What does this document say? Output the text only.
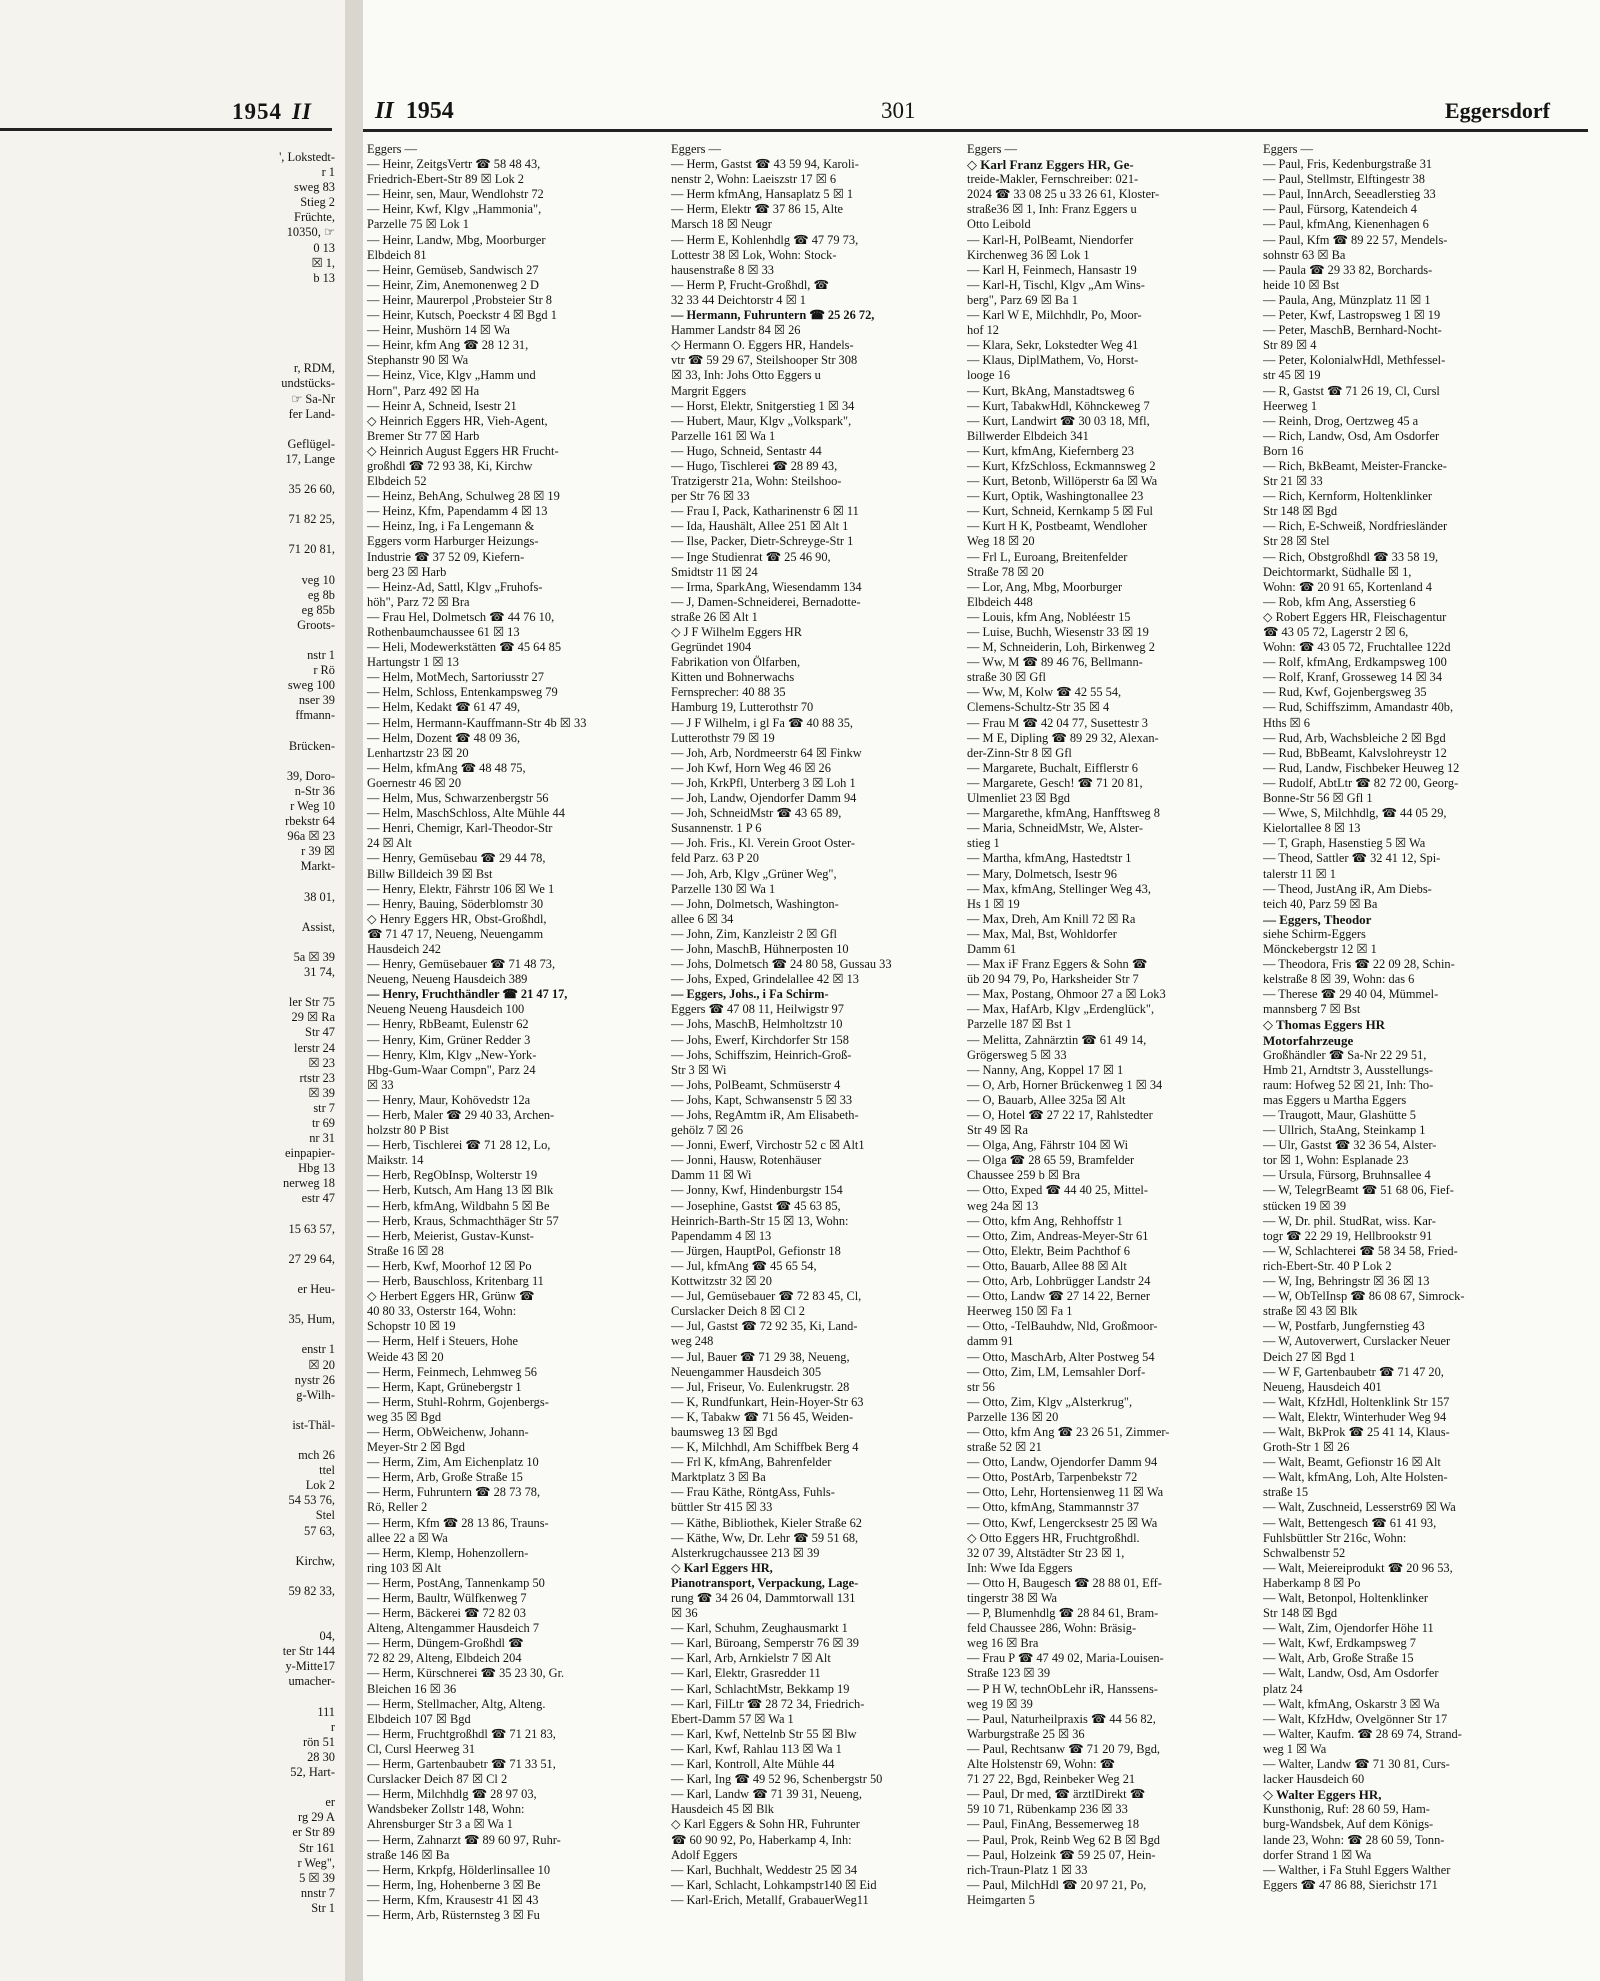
1954 II
', Lokstedt-
r 1
sweg 83
Stieg 2
Früchte,
10350, ☞
0 13
☒ 1,
b 13

r, RDM,
undstücks-
☞ Sa-Nr
fer Land-

Geflügel-
17, Lange

35 26 60,

71 82 25,

71 20 81,

veg 10
eg 8b
eg 85b
Groots-

nstr 1
r Rö
sweg 100
nser 39
ffmann-

Brücken-

39, Doro-
n-Str 36
r Weg 10
rbekstr 64
96a ☒ 23
r 39 ☒
Markt-

38 01,

Assist,

5a ☒ 39
31 74,

ler Str 75
29 ☒ Ra
Str 47
lerstr 24
☒ 23
rtstr 23
☒ 39
str 7
tr 69
nr 31
einpapier-
Hbg 13
nerweg 18
estr 47

15 63 57,

27 29 64,

er Heu-

35, Hum,

enstr 1
☒ 20
nystr 26
g-Wilh-

ist-Thäl-

mch 26
ttel
Lok 2
54 53 76,
Stel
57 63,

Kirchw,

59 82 33,

04,
ter Str 144
y-Mitte17
umacher-

111
r
rön 51
28 30
52, Hart-

er
rg 29 A
er Str 89
Str 161
r Weg",
5 ☒ 39
nnstr 7
Str 1
II 1954	301	Eggersdorf
Eggers —
— Heinr, ZeitgsVertr ☎ 58 48 43,
Friedrich-Ebert-Str 89 ☒ Lok 2
— Heinr, sen, Maur, Wendlohstr 72
— Heinr, Kwf, Klgv „Hammonia",
Parzelle 75 ☒ Lok 1
— Heinr, Landw, Mbg, Moorburger
Elbdeich 81
— Heinr, Gemüseb, Sandwisch 27
— Heinr, Zim, Anemonenweg 2 D
— Heinr, Maurerpol ,Probsteier Str 8
— Heinr, Kutsch, Poeckstr 4 ☒ Bgd 1
— Heinr, Mushörn 14 ☒ Wa
— Heinr, kfm Ang ☎ 28 12 31,
Stephanstr 90 ☒ Wa
— Heinz, Vice, Klgv „Hamm und
Horn", Parz 492 ☒ Ha
— Heinr A, Schneid, Isestr 21
◇ Heinrich Eggers HR, Vieh-Agent,
Bremer Str 77 ☒ Harb
◇ Heinrich August Eggers HR Frucht-
großhdl ☎ 72 93 38, Ki, Kirchw
Elbdeich 52
— Heinz, BehAng, Schulweg 28 ☒ 19
— Heinz, Kfm, Papendamm 4 ☒ 13
— Heinz, Ing, i Fa Lengemann &
Eggers vorm Harburger Heizungs-
Industrie ☎ 37 52 09, Kiefern-
berg 23 ☒ Harb
— Heinz-Ad, Sattl, Klgv „Fruhofs-
höh", Parz 72 ☒ Bra
— Frau Hel, Dolmetsch ☎ 44 76 10,
Rothenbaumchaussee 61 ☒ 13
— Heli, Modewerkstätten ☎ 45 64 85
Hartungstr 1 ☒ 13
— Helm, MotMech, Sartoriusstr 27
— Helm, Schloss, Entenkampsweg 79
— Helm, Kedakt ☎ 61 47 49,
— Helm, Hermann-Kauffmann-Str 4b ☒ 33
— Helm, Dozent ☎ 48 09 36,
Lenhartzstr 23 ☒ 20
— Helm, kfmAng ☎ 48 48 75,
Goernestr 46 ☒ 20
— Helm, Mus, Schwarzenbergstr 56
— Helm, MaschSchloss, Alte Mühle 44
— Henri, Chemigr, Karl-Theodor-Str
24 ☒ Alt
— Henry, Gemüsebau ☎ 29 44 78,
Billw Billdeich 39 ☒ Bst
— Henry, Elektr, Fährstr 106 ☒ We 1
— Henry, Bauing, Söderblomstr 30
◇ Henry Eggers HR, Obst-Großhdl,
☎ 71 47 17, Neueng, Neuengamm
Hausdeich 242
— Henry, Gemüsebauer ☎ 71 48 73,
Neueng, Neueng Hausdeich 389
— Henry, Fruchthändler ☎ 21 47 17,
Neueng Neueng Hausdeich 100
— Henry, RbBeamt, Eulenstr 62
— Henry, Kim, Grüner Redder 3
— Henry, Klm, Klgv „New-York-
Hbg-Gum-Waar Compn", Parz 24
☒ 33
— Henry, Maur, Kohövedstr 12a
— Herb, Maler ☎ 29 40 33, Archen-
holzstr 80 P Bist
— Herb, Tischlerei ☎ 71 28 12, Lo,
Maikstr. 14
— Herb, RegObInsp, Wolterstr 19
— Herb, Kutsch, Am Hang 13 ☒ Blk
— Herb, kfmAng, Wildbahn 5 ☒ Be
— Herb, Kraus, Schmachthäger Str 57
— Herb, Meierist, Gustav-Kunst-
Straße 16 ☒ 28
— Herb, Kwf, Moorhof 12 ☒ Po
— Herb, Bauschloss, Kritenbarg 11
◇ Herbert Eggers HR, Grünw ☎
40 80 33, Osterstr 164, Wohn:
Schopstr 10 ☒ 19
— Herm, Helf i Steuers, Hohe
Weide 43 ☒ 20
— Herm, Feinmech, Lehmweg 56
— Herm, Kapt, Grünebergstr 1
— Herm, Stuhl-Rohrm, Gojenbergs-
weg 35 ☒ Bgd
— Herm, ObWeichenw, Johann-
Meyer-Str 2 ☒ Bgd
— Herm, Zim, Am Eichenplatz 10
— Herm, Arb, Große Straße 15
— Herm, Fuhruntern ☎ 28 73 78,
Rö, Reller 2
— Herm, Kfm ☎ 28 13 86, Trauns-
allee 22 a ☒ Wa
— Herm, Klemp, Hohenzollern-
ring 103 ☒ Alt
— Herm, PostAng, Tannenkamp 50
— Herm, Baultr, Wülfkenweg 7
— Herm, Bäckerei ☎ 72 82 03
Alteng, Altengammer Hausdeich 7
— Herm, Düngem-Großhdl ☎
72 82 29, Alteng, Elbdeich 204
— Herm, Kürschnerei ☎ 35 23 30, Gr.
Bleichen 16 ☒ 36
— Herm, Stellmacher, Altg, Alteng.
Elbdeich 107 ☒ Bgd
— Herm, Fruchtgroßhdl ☎ 71 21 83,
Cl, Cursl Heerweg 31
— Herm, Gartenbaubetr ☎ 71 33 51,
Curslacker Deich 87 ☒ Cl 2
— Herm, Milchhdlg ☎ 28 97 03,
Wandsbeker Zollstr 148, Wohn:
Ahrensburger Str 3 a ☒ Wa 1
— Herm, Zahnarzt ☎ 89 60 97, Ruhr-
straße 146 ☒ Ba
— Herm, Krkpfg, Hölderlinsallee 10
— Herm, Ing, Hohenberne 3 ☒ Be
— Herm, Kfm, Krausestr 41 ☒ 43
— Herm, Arb, Rüsternsteg 3 ☒ Fu
Eggers —
— Herm, Gastst ☎ 43 59 94, Karoli-
nenstr 2, Wohn: Laeiszstr 17 ☒ 6
— Herm kfmAng, Hansaplatz 5 ☒ 1
— Herm, Elektr ☎ 37 86 15, Alte
Marsch 18 ☒ Neugr
— Herm E, Kohlenhdlg ☎ 47 79 73,
Lottestr 38 ☒ Lok, Wohn: Stock-
hausenstraße 8 ☒ 33
— Herm P, Frucht-Großhdl, ☎
32 33 44 Deichtorstr 4 ☒ 1
— Hermann, Fuhruntern ☎ 25 26 72,
Hammer Landstr 84 ☒ 26
◇ Hermann O. Eggers HR, Handels-
vtr ☎ 59 29 67, Steilshooper Str 308
☒ 33, Inh: Johs Otto Eggers u
Margrit Eggers
— Horst, Elektr, Snitgerstieg 1 ☒ 34
— Hubert, Maur, Klgv „Volkspark",
Parzelle 161 ☒ Wa 1
— Hugo, Schneid, Sentastr 44
— Hugo, Tischlerei ☎ 28 89 43,
Tratzigerstr 21a, Wohn: Steilshoo-
per Str 76 ☒ 33
— Frau I, Pack, Katharinenstr 6 ☒ 11
— Ida, Haushält, Allee 251 ☒ Alt 1
— Ilse, Packer, Dietr-Schreyge-Str 1
— Inge Studienrat ☎ 25 46 90,
Smidtstr 11 ☒ 24
— Irma, SparkAng, Wiesendamm 134
— J, Damen-Schneiderei, Bernadotte-
straße 26 ☒ Alt 1
◇ J F Wilhelm Eggers HR
Gegründet 1904
Fabrikation von Ölfarben,
Kitten und Bohnerwachs
Fernsprecher: 40 88 35
Hamburg 19, Lutterothstr 70
— J F Wilhelm, i gl Fa ☎ 40 88 35,
Lutterothstr 79 ☒ 19
— Joh, Arb, Nordmeerstr 64 ☒ Finkw
— Joh Kwf, Horn Weg 46 ☒ 26
— Joh, KrkPfl, Unterberg 3 ☒ Loh 1
— Joh, Landw, Ojendorfer Damm 94
— Joh, SchneidMstr ☎ 43 65 89,
Susannenstr. 1 P 6
— Joh. Fris., Kl. Verein Groot Oster-
feld Parz. 63 P 20
— Joh, Arb, Klgv „Grüner Weg",
Parzelle 130 ☒ Wa 1
— John, Dolmetsch, Washington-
allee 6 ☒ 34
— John, Zim, Kanzleistr 2 ☒ Gfl
— John, MaschB, Hühnerposten 10
— Johs, Dolmetsch ☎ 24 80 58, Gussau 33
— Johs, Exped, Grindelallee 42 ☒ 13
— Eggers, Johs., i Fa Schirm-
Eggers ☎ 47 08 11, Heilwigstr 97
— Johs, MaschB, Helmholtzstr 10
— Johs, Ewerf, Kirchdorfer Str 158
— Johs, Schiffszim, Heinrich-Groß-
Str 3 ☒ Wi
— Johs, PolBeamt, Schmüserstr 4
— Johs, Kapt, Schwansenstr 5 ☒ 33
— Johs, RegAmtm iR, Am Elisabeth-
gehölz 7 ☒ 26
— Jonni, Ewerf, Virchostr 52 c ☒ Alt1
— Jonni, Hausw, Rotenhäuser
Damm 11 ☒ Wi
— Jonny, Kwf, Hindenburgstr 154
— Josephine, Gastst ☎ 45 63 85,
Heinrich-Barth-Str 15 ☒ 13, Wohn:
Papendamm 4 ☒ 13
— Jürgen, HauptPol, Gefionstr 18
— Jul, kfmAng ☎ 45 65 54,
Kottwitzstr 32 ☒ 20
— Jul, Gemüsebauer ☎ 72 83 45, Cl,
Curslacker Deich 8 ☒ Cl 2
— Jul, Gastst ☎ 72 92 35, Ki, Land-
weg 248
— Jul, Bauer ☎ 71 29 38, Neueng,
Neuengammer Hausdeich 305
— Jul, Friseur, Vo. Eulenkrugstr. 28
— K, Rundfunkart, Hein-Hoyer-Str 63
— K, Tabakw ☎ 71 56 45, Weiden-
baumsweg 13 ☒ Bgd
— K, Milchhdl, Am Schiffbek Berg 4
— Frl K, kfmAng, Bahrenfelder
Marktplatz 3 ☒ Ba
— Frau Käthe, RöntgAss, Fuhls-
büttler Str 415 ☒ 33
— Käthe, Bibliothek, Kieler Straße 62
— Käthe, Ww, Dr. Lehr ☎ 59 51 68,
Alsterkrugchaussee 213 ☒ 39
◇ Karl Eggers HR,
Pianotransport, Verpackung, Lage-
rung ☎ 34 26 04, Dammtorwall 131
☒ 36
— Karl, Schuhm, Zeughausmarkt 1
— Karl, Büroang, Semperstr 76 ☒ 39
— Karl, Arb, Arnkielstr 7 ☒ Alt
— Karl, Elektr, Grasredder 11
— Karl, SchlachtMstr, Bekkamp 19
— Karl, FilLtr ☎ 28 72 34, Friedrich-
Ebert-Damm 57 ☒ Wa 1
— Karl, Kwf, Nettelnb Str 55 ☒ Blw
— Karl, Kwf, Rahlau 113 ☒ Wa 1
— Karl, Kontroll, Alte Mühle 44
— Karl, Ing ☎ 49 52 96, Schenbergstr 50
— Karl, Landw ☎ 71 39 31, Neueng,
Hausdeich 45 ☒ Blk
◇ Karl Eggers & Sohn HR, Fuhrunter
☎ 60 90 92, Po, Haberkamp 4, Inh:
Adolf Eggers
— Karl, Buchhalt, Weddestr 25 ☒ 34
— Karl, Schlacht, Lohkampstr140 ☒ Eid
— Karl-Erich, Metallf, GrabauerWeg11
Eggers —
◇ Karl Franz Eggers HR, Ge-
treide-Makler, Fernschreiber: 021-
2024 ☎ 33 08 25 u 33 26 61, Kloster-
straße36 ☒ 1, Inh: Franz Eggers u
Otto Leibold
— Karl-H, PolBeamt, Niendorfer
Kirchenweg 36 ☒ Lok 1
— Karl H, Feinmech, Hansastr 19
— Karl-H, Tischl, Klgv „Am Wins-
berg", Parz 69 ☒ Ba 1
— Karl W E, Milchhdlr, Po, Moor-
hof 12
— Klara, Sekr, Lokstedter Weg 41
— Klaus, DiplMathem, Vo, Horst-
looge 16
— Kurt, BkAng, Manstadtsweg 6
— Kurt, TabakwHdl, Köhnckeweg 7
— Kurt, Landwirt ☎ 30 03 18, Mfl,
Billwerder Elbdeich 341
— Kurt, kfmAng, Kiefernberg 23
— Kurt, KfzSchloss, Eckmannsweg 2
— Kurt, Betonb, Willöperstr 6a ☒ Wa
— Kurt, Optik, Washingtonallee 23
— Kurt, Schneid, Kernkamp 5 ☒ Ful
— Kurt H K, Postbeamt, Wendloher
Weg 18 ☒ 20
— Frl L, Euroang, Breitenfelder
Straße 78 ☒ 20
— Lor, Ang, Mbg, Moorburger
Elbdeich 448
— Louis, kfm Ang, Nobléestr 15
— Luise, Buchh, Wiesenstr 33 ☒ 19
— M, Schneiderin, Loh, Birkenweg 2
— Ww, M ☎ 89 46 76, Bellmann-
straße 30 ☒ Gfl
— Ww, M, Kolw ☎ 42 55 54,
Clemens-Schultz-Str 35 ☒ 4
— Frau M ☎ 42 04 77, Susettestr 3
— M E, Dipling ☎ 89 29 32, Alexan-
der-Zinn-Str 8 ☒ Gfl
— Margarete, Buchalt, Eifflerstr 6
— Margarete, Gesch! ☎ 71 20 81,
Ulmenliet 23 ☒ Bgd
— Margarethe, kfmAng, Hanfftsweg 8
— Maria, SchneidMstr, We, Alster-
stieg 1
— Martha, kfmAng, Hastedtstr 1
— Mary, Dolmetsch, Isestr 96
— Max, kfmAng, Stellinger Weg 43,
Hs 1 ☒ 19
— Max, Dreh, Am Knill 72 ☒ Ra
— Max, Mal, Bst, Wohldorfer
Damm 61
— Max iF Franz Eggers & Sohn ☎
üb 20 94 79, Po, Harksheider Str 7
— Max, Postang, Ohmoor 27 a ☒ Lok3
— Max, HafArb, Klgv „Erdenglück",
Parzelle 187 ☒ Bst 1
— Melitta, Zahnärztin ☎ 61 49 14,
Grögersweg 5 ☒ 33
— Nanny, Ang, Koppel 17 ☒ 1
— O, Arb, Horner Brückenweg 1 ☒ 34
— O, Bauarb, Allee 325a ☒ Alt
— O, Hotel ☎ 27 22 17, Rahlstedter
Str 49 ☒ Ra
— Olga, Ang, Fährstr 104 ☒ Wi
— Olga ☎ 28 65 59, Bramfelder
Chaussee 259 b ☒ Bra
— Otto, Exped ☎ 44 40 25, Mittel-
weg 24a ☒ 13
— Otto, kfm Ang, Rehhoffstr 1
— Otto, Zim, Andreas-Meyer-Str 61
— Otto, Elektr, Beim Pachthof 6
— Otto, Bauarb, Allee 88 ☒ Alt
— Otto, Arb, Lohbrügger Landstr 24
— Otto, Landw ☎ 27 14 22, Berner
Heerweg 150 ☒ Fa 1
— Otto, -TelBauhdw, Nld, Großmoor-
damm 91
— Otto, MaschArb, Alter Postweg 54
— Otto, Zim, LM, Lemsahler Dorf-
str 56
— Otto, Zim, Klgv „Alsterkrug",
Parzelle 136 ☒ 20
— Otto, kfm Ang ☎ 23 26 51, Zimmer-
straße 52 ☒ 21
— Otto, Landw, Ojendorfer Damm 94
— Otto, PostArb, Tarpenbekstr 72
— Otto, Lehr, Hortensienweg 11 ☒ Wa
— Otto, kfmAng, Stammannstr 37
— Otto, Kwf, Lengercksestr 25 ☒ Wa
◇ Otto Eggers HR, Fruchtgroßhdl.
32 07 39, Altstädter Str 23 ☒ 1,
Inh: Wwe Ida Eggers
— Otto H, Baugesch ☎ 28 88 01, Eff-
tingerstr 38 ☒ Wa
— P, Blumenhdlg ☎ 28 84 61, Bram-
feld Chaussee 286, Wohn: Bräsig-
weg 16 ☒ Bra
— Frau P ☎ 47 49 02, Maria-Louisen-
Straße 123 ☒ 39
— P H W, technObLehr iR, Hanssens-
weg 19 ☒ 39
— Paul, Naturheilpraxis ☎ 44 56 82,
Warburgstraße 25 ☒ 36
— Paul, Rechtsanw ☎ 71 20 79, Bgd,
Alte Holstenstr 69, Wohn: ☎
71 27 22, Bgd, Reinbeker Weg 21
— Paul, Dr med, ☎ ärztlDirekt ☎
59 10 71, Rübenkamp 236 ☒ 33
— Paul, FinAng, Bessemerweg 18
— Paul, Prok, Reinb Weg 62 B ☒ Bgd
— Paul, Holzeink ☎ 59 25 07, Hein-
rich-Traun-Platz 1 ☒ 33
— Paul, MilchHdl ☎ 20 97 21, Po,
Heimgarten 5
Eggers —
— Paul, Fris, Kedenburgstraße 31
— Paul, Stellmstr, Elftingestr 38
— Paul, InnArch, Seeadlerstieg 33
— Paul, Fürsorg, Katendeich 4
— Paul, kfmAng, Kienenhagen 6
— Paul, Kfm ☎ 89 22 57, Mendels-
sohnstr 63 ☒ Ba
— Paula ☎ 29 33 82, Borchards-
heide 10 ☒ Bst
— Paula, Ang, Münzplatz 11 ☒ 1
— Peter, Kwf, Lastropsweg 1 ☒ 19
— Peter, MaschB, Bernhard-Nocht-
Str 89 ☒ 4
— Peter, KolonialwHdl, Methfessel-
str 45 ☒ 19
— R, Gastst ☎ 71 26 19, Cl, Cursl
Heerweg 1
— Reinh, Drog, Oertzweg 45 a
— Rich, Landw, Osd, Am Osdorfer
Born 16
— Rich, BkBeamt, Meister-Francke-
Str 21 ☒ 33
— Rich, Kernform, Holtenklinker
Str 148 ☒ Bgd
— Rich, E-Schweiß, Nordfriesländer
Str 28 ☒ Stel
— Rich, Obstgroßhdl ☎ 33 58 19,
Deichtormarkt, Südhalle ☒ 1,
Wohn: ☎ 20 91 65, Kortenland 4
— Rob, kfm Ang, Asserstieg 6
◇ Robert Eggers HR, Fleischagentur
☎ 43 05 72, Lagerstr 2 ☒ 6,
Wohn: ☎ 43 05 72, Fruchtallee 122d
— Rolf, kfmAng, Erdkampsweg 100
— Rolf, Kranf, Grosseweg 14 ☒ 34
— Rud, Kwf, Gojenbergsweg 35
— Rud, Schiffszimm, Amandastr 40b,
Hths ☒ 6
— Rud, Arb, Wachsbleiche 2 ☒ Bgd
— Rud, BbBeamt, Kalvslohreystr 12
— Rud, Landw, Fischbeker Heuweg 12
— Rudolf, AbtLtr ☎ 82 72 00, Georg-
Bonne-Str 56 ☒ Gfl 1
— Wwe, S, Milchhdlg, ☎ 44 05 29,
Kielortallee 8 ☒ 13
— T, Graph, Hasenstieg 5 ☒ Wa
— Theod, Sattler ☎ 32 41 12, Spi-
talerstr 11 ☒ 1
— Theod, JustAng iR, Am Diebs-
teich 40, Parz 59 ☒ Ba
— Eggers, Theodor
siehe Schirm-Eggers
Mönckebergstr 12 ☒ 1
— Theodora, Fris ☎ 22 09 28, Schin-
kelstraße 8 ☒ 39, Wohn: das 6
— Therese ☎ 29 40 04, Mümmel-
mannsberg 7 ☒ Bst
◇ Thomas Eggers HR
Motorfahrzeuge
Großhändler ☎ Sa-Nr 22 29 51,
Hmb 21, Arndtstr 3, Ausstellungs-
raum: Hofweg 52 ☒ 21, Inh: Tho-
mas Eggers u Martha Eggers
— Traugott, Maur, Glashütte 5
— Ullrich, StaAng, Steinkamp 1
— Ulr, Gastst ☎ 32 36 54, Alster-
tor ☒ 1, Wohn: Esplanade 23
— Ursula, Fürsorg, Bruhnsallee 4
— W, TelegrBeamt ☎ 51 68 06, Fief-
stücken 19 ☒ 39
— W, Dr. phil. StudRat, wiss. Kar-
togr ☎ 22 29 19, Hellbrookstr 91
— W, Schlachterei ☎ 58 34 58, Fried-
rich-Ebert-Str. 40 P Lok 2
— W, Ing, Behringstr ☒ 36 ☒ 13
— W, ObTelInsp ☎ 86 08 67, Simrock-
straße ☒ 43 ☒ Blk
— W, Postfarb, Jungfernstieg 43
— W, Autoverwert, Curslacker Neuer
Deich 27 ☒ Bgd 1
— W F, Gartenbaubetr ☎ 71 47 20,
Neueng, Hausdeich 401
— Walt, KfzHdl, Holtenklink Str 157
— Walt, Elektr, Winterhuder Weg 94
— Walt, BkProk ☎ 25 41 14, Klaus-
Groth-Str 1 ☒ 26
— Walt, Beamt, Gefionstr 16 ☒ Alt
— Walt, kfmAng, Loh, Alte Holsten-
straße 15
— Walt, Zuschneid, Lesserstr69 ☒ Wa
— Walt, Bettengesch ☎ 61 41 93,
Fuhlsbüttler Str 216c, Wohn:
Schwalbenstr 52
— Walt, Meiereiprodukt ☎ 20 96 53,
Haberkamp 8 ☒ Po
— Walt, Betonpol, Holtenklinker
Str 148 ☒ Bgd
— Walt, Zim, Ojendorfer Höhe 11
— Walt, Kwf, Erdkampsweg 7
— Walt, Arb, Große Straße 15
— Walt, Landw, Osd, Am Osdorfer
platz 24
— Walt, kfmAng, Oskarstr 3 ☒ Wa
— Walt, KfzHdw, Ovelgönner Str 17
— Walter, Kaufm. ☎ 28 69 74, Strand-
weg 1 ☒ Wa
— Walter, Landw ☎ 71 30 81, Curs-
lacker Hausdeich 60
◇ Walter Eggers HR,
Kunsthonig, Ruf: 28 60 59, Ham-
burg-Wandsbek, Auf dem Königs-
lande 23, Wohn: ☎ 28 60 59, Tonn-
dorfer Strand 1 ☒ Wa
— Walther, i Fa Stuhl Eggers Walther
Eggers ☎ 47 86 88, Sierichstr 171
